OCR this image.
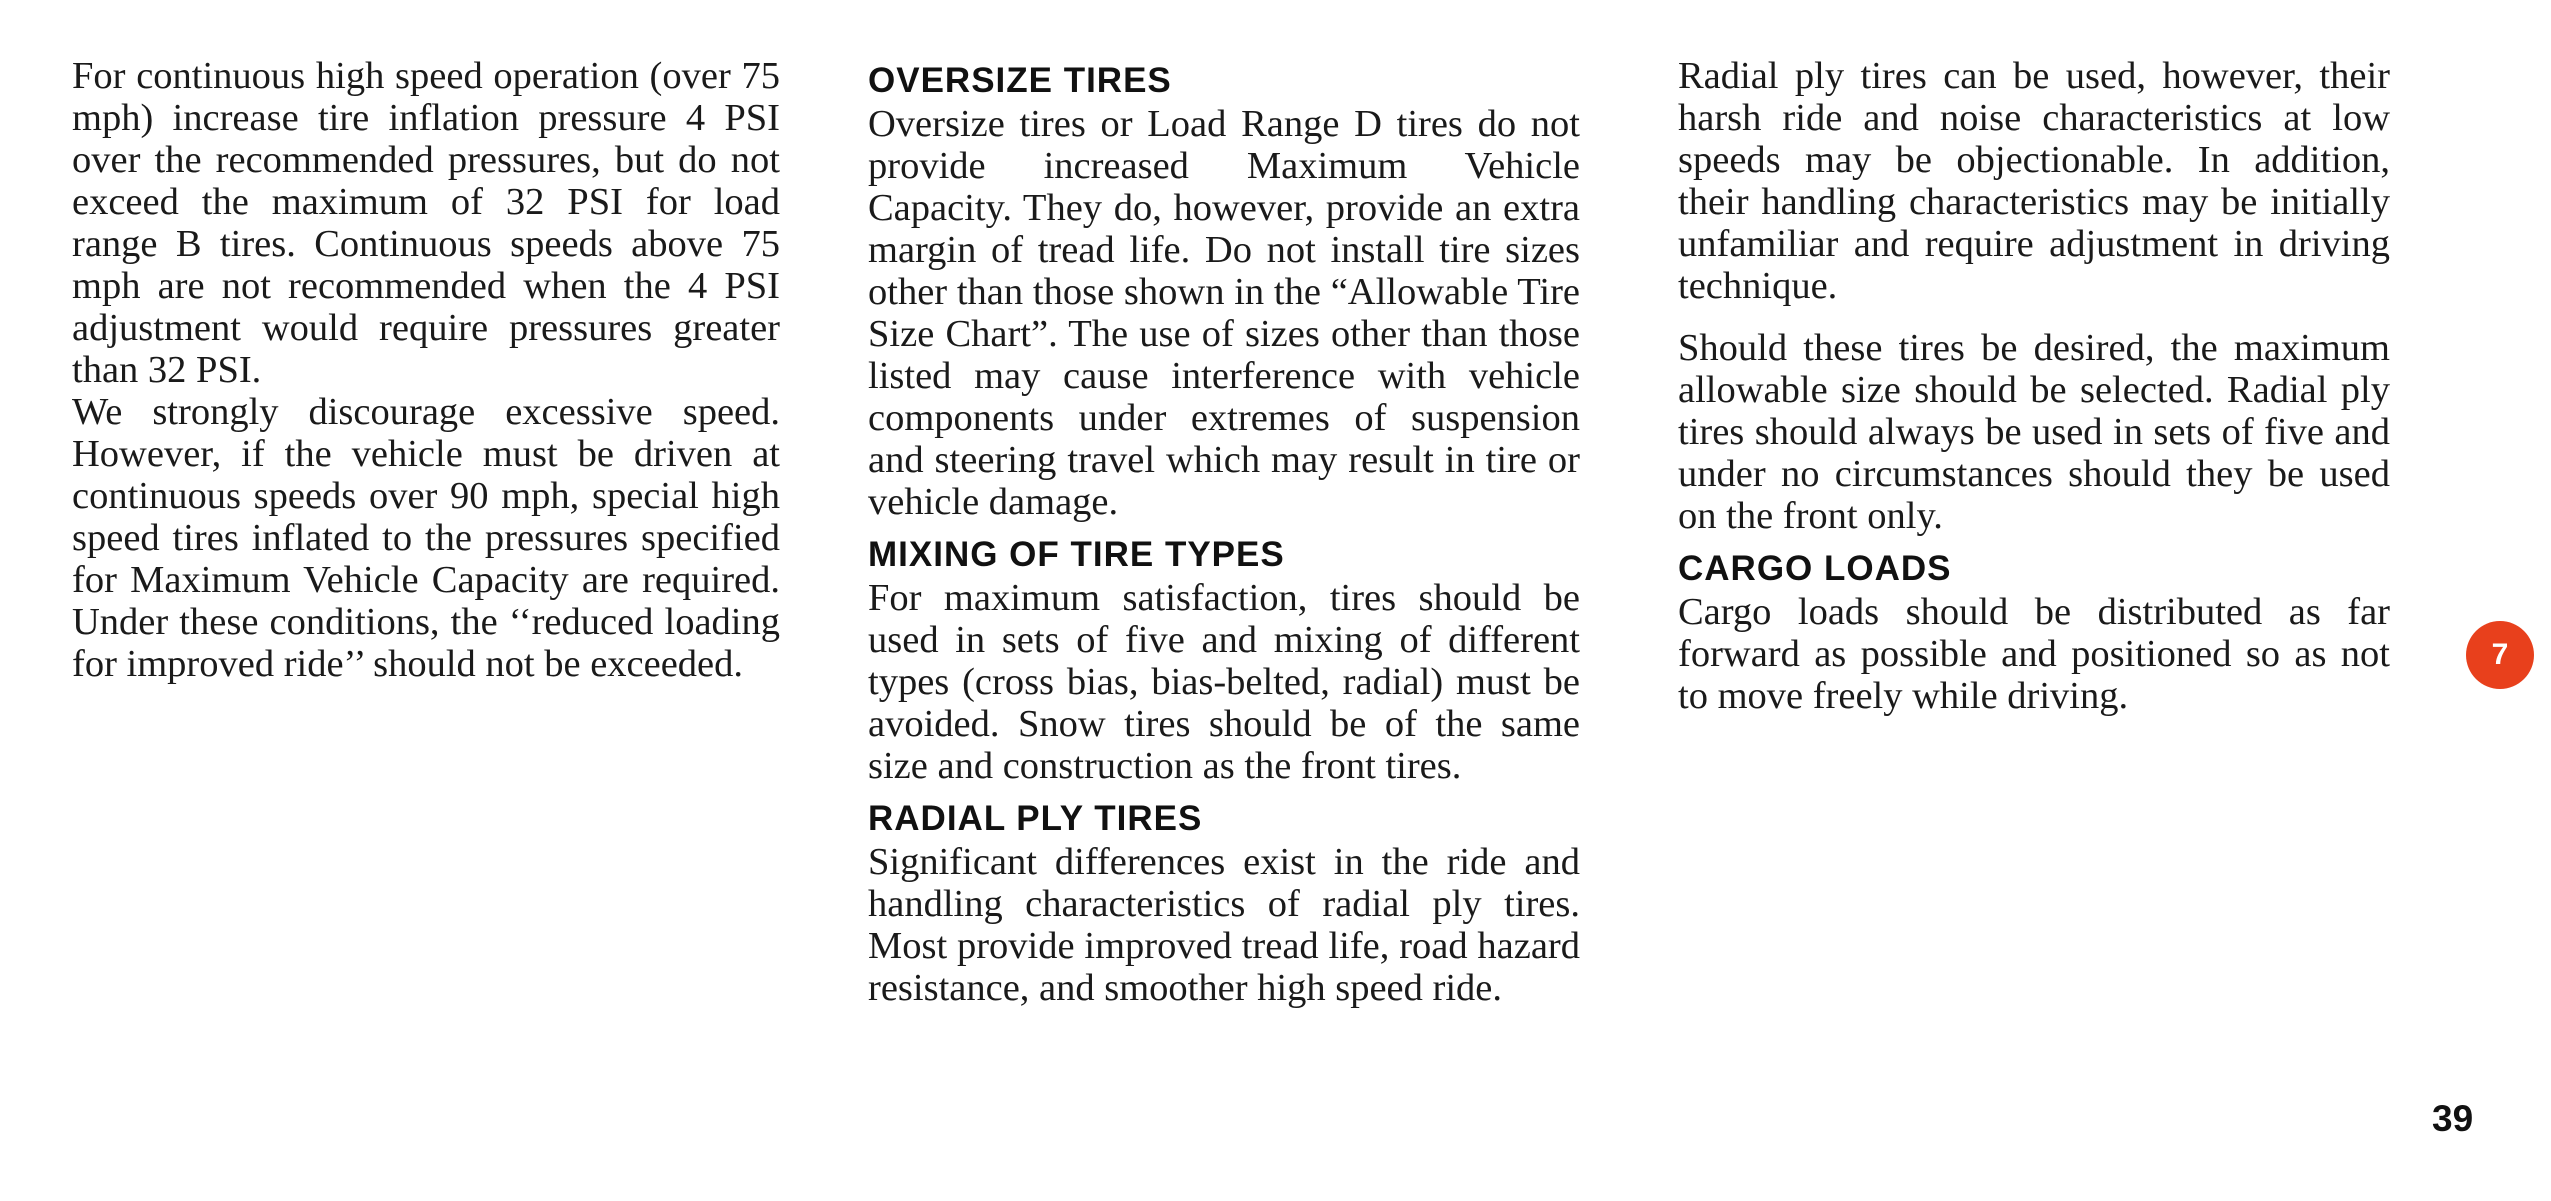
For continuous high speed operation (over 75 mph) increase tire inflation pressure 4 PSI over the recommended pressures, but do not exceed the maximum of 32 PSI for load range B tires. Continuous speeds above 75 mph are not recommended when the 4 PSI adjustment would require pressures greater than 32 PSI.

We strongly discourage excessive speed. However, if the vehicle must be driven at continuous speeds over 90 mph, special high speed tires inflated to the pressures specified for Maximum Vehicle Capacity are required. Under these conditions, the ‘‘reduced loading for improved ride’’ should not be exceeded.

OVERSIZE TIRES

Oversize tires or Load Range D tires do not provide increased Maximum Vehicle Capacity. They do, however, provide an extra margin of tread life. Do not install tire sizes other than those shown in the “Allowable Tire Size Chart”. The use of sizes other than those listed may cause interference with vehicle components under extremes of suspension and steering travel which may result in tire or vehicle damage.

MIXING OF TIRE TYPES

For maximum satisfaction, tires should be used in sets of five and mixing of different types (cross bias, bias-belted, radial) must be avoided. Snow tires should be of the same size and construction as the front tires.

RADIAL PLY TIRES

Significant differences exist in the ride and handling characteristics of radial ply tires. Most provide improved tread life, road hazard resistance, and smoother high speed ride.

Radial ply tires can be used, however, their harsh ride and noise characteristics at low speeds may be objectionable. In addition, their handling characteristics may be initially unfamiliar and require adjustment in driving technique.

Should these tires be desired, the maximum allowable size should be selected. Radial ply tires should always be used in sets of five and under no circumstances should they be used on the front only.

CARGO LOADS

Cargo loads should be distributed as far forward as possible and positioned so as not to move freely while driving.

7
39
